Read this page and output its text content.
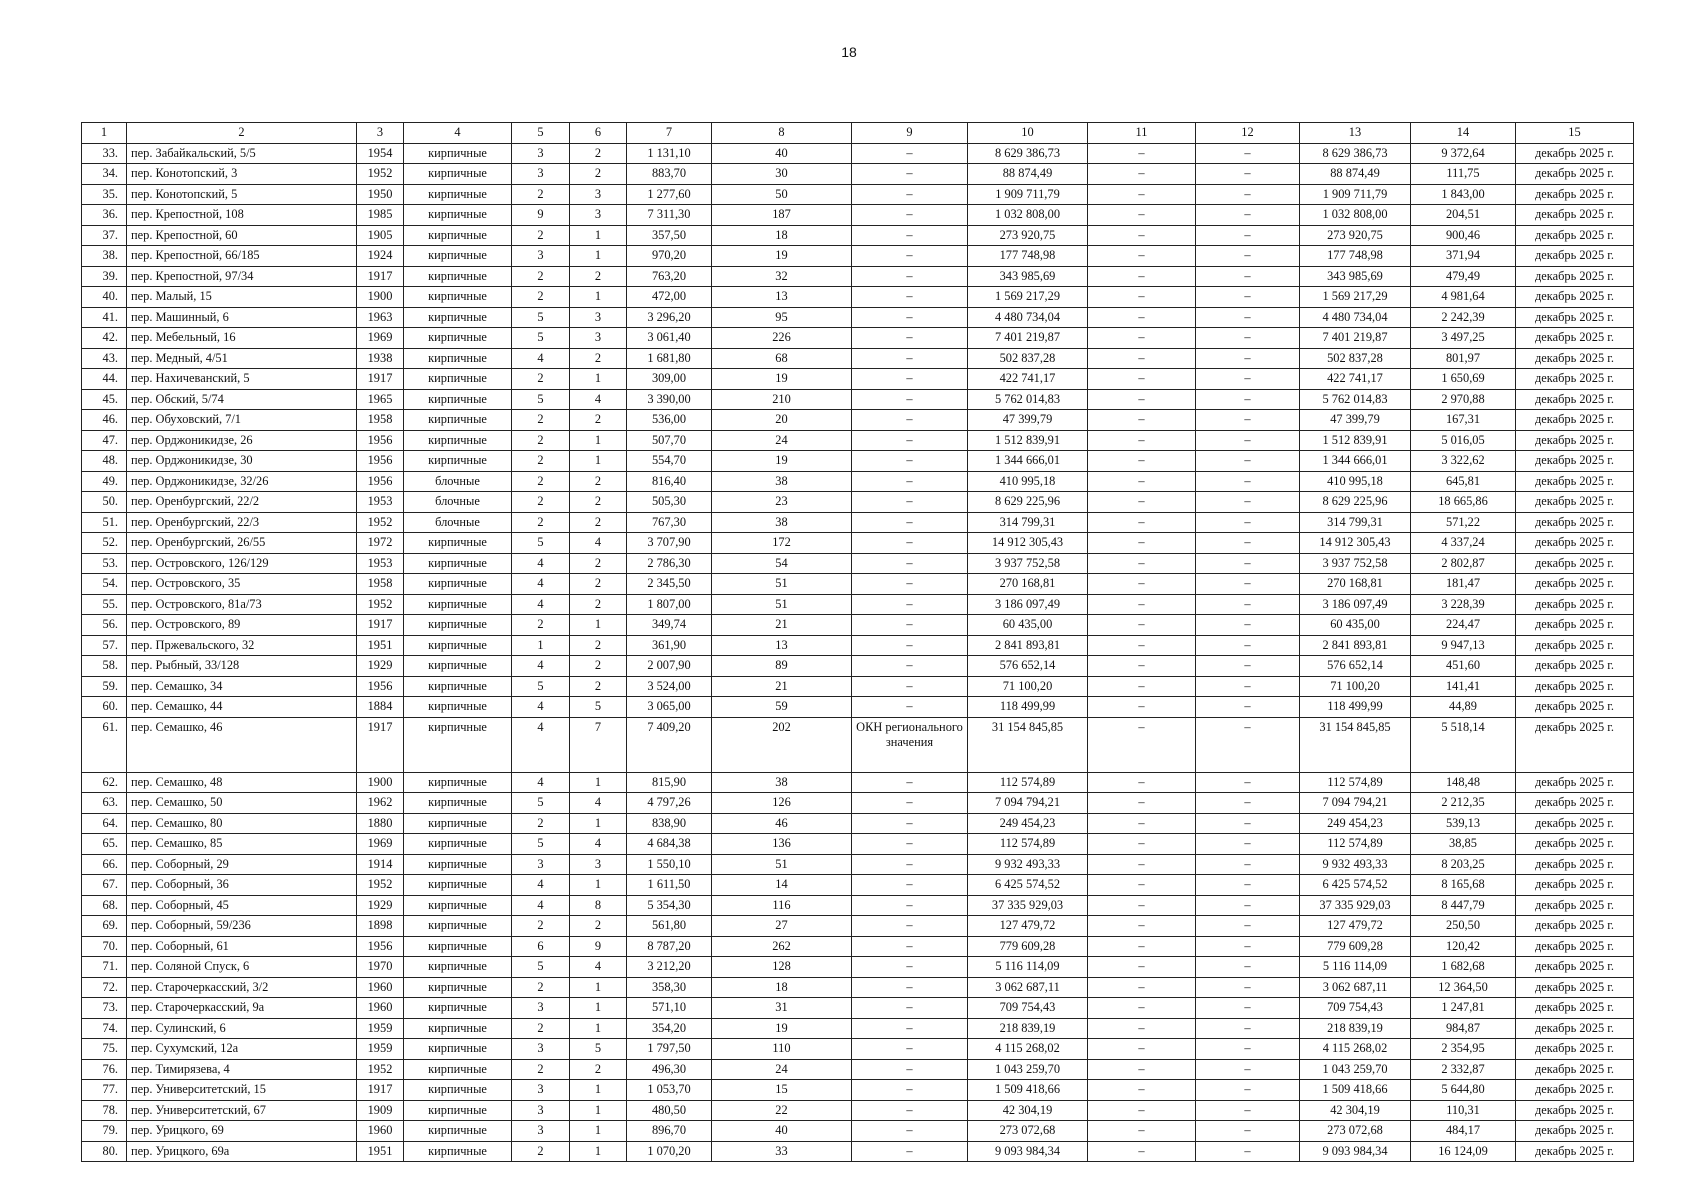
18
1	2	3	4	5	6	7	8	9	10	11	12	13	14	15
33.	пер. Забайкальский, 5/5	1954	кирпичные	3	2	1 131,10	40	–	8 629 386,73	–	–	8 629 386,73	9 372,64	декабрь 2025 г.
34.	пер. Конотопский, 3	1952	кирпичные	3	2	883,70	30	–	88 874,49	–	–	88 874,49	111,75	декабрь 2025 г.
35.	пер. Конотопский, 5	1950	кирпичные	2	3	1 277,60	50	–	1 909 711,79	–	–	1 909 711,79	1 843,00	декабрь 2025 г.
36.	пер. Крепостной, 108	1985	кирпичные	9	3	7 311,30	187	–	1 032 808,00	–	–	1 032 808,00	204,51	декабрь 2025 г.
37.	пер. Крепостной, 60	1905	кирпичные	2	1	357,50	18	–	273 920,75	–	–	273 920,75	900,46	декабрь 2025 г.
38.	пер. Крепостной, 66/185	1924	кирпичные	3	1	970,20	19	–	177 748,98	–	–	177 748,98	371,94	декабрь 2025 г.
39.	пер. Крепостной, 97/34	1917	кирпичные	2	2	763,20	32	–	343 985,69	–	–	343 985,69	479,49	декабрь 2025 г.
40.	пер. Малый, 15	1900	кирпичные	2	1	472,00	13	–	1 569 217,29	–	–	1 569 217,29	4 981,64	декабрь 2025 г.
41.	пер. Машинный, 6	1963	кирпичные	5	3	3 296,20	95	–	4 480 734,04	–	–	4 480 734,04	2 242,39	декабрь 2025 г.
42.	пер. Мебельный, 16	1969	кирпичные	5	3	3 061,40	226	–	7 401 219,87	–	–	7 401 219,87	3 497,25	декабрь 2025 г.
43.	пер. Медный, 4/51	1938	кирпичные	4	2	1 681,80	68	–	502 837,28	–	–	502 837,28	801,97	декабрь 2025 г.
44.	пер. Нахичеванский, 5	1917	кирпичные	2	1	309,00	19	–	422 741,17	–	–	422 741,17	1 650,69	декабрь 2025 г.
45.	пер. Обский, 5/74	1965	кирпичные	5	4	3 390,00	210	–	5 762 014,83	–	–	5 762 014,83	2 970,88	декабрь 2025 г.
46.	пер. Обуховский, 7/1	1958	кирпичные	2	2	536,00	20	–	47 399,79	–	–	47 399,79	167,31	декабрь 2025 г.
47.	пер. Орджоникидзе, 26	1956	кирпичные	2	1	507,70	24	–	1 512 839,91	–	–	1 512 839,91	5 016,05	декабрь 2025 г.
48.	пер. Орджоникидзе, 30	1956	кирпичные	2	1	554,70	19	–	1 344 666,01	–	–	1 344 666,01	3 322,62	декабрь 2025 г.
49.	пер. Орджоникидзе, 32/26	1956	блочные	2	2	816,40	38	–	410 995,18	–	–	410 995,18	645,81	декабрь 2025 г.
50.	пер. Оренбургский, 22/2	1953	блочные	2	2	505,30	23	–	8 629 225,96	–	–	8 629 225,96	18 665,86	декабрь 2025 г.
51.	пер. Оренбургский, 22/3	1952	блочные	2	2	767,30	38	–	314 799,31	–	–	314 799,31	571,22	декабрь 2025 г.
52.	пер. Оренбургский, 26/55	1972	кирпичные	5	4	3 707,90	172	–	14 912 305,43	–	–	14 912 305,43	4 337,24	декабрь 2025 г.
53.	пер. Островского, 126/129	1953	кирпичные	4	2	2 786,30	54	–	3 937 752,58	–	–	3 937 752,58	2 802,87	декабрь 2025 г.
54.	пер. Островского, 35	1958	кирпичные	4	2	2 345,50	51	–	270 168,81	–	–	270 168,81	181,47	декабрь 2025 г.
55.	пер. Островского, 81а/73	1952	кирпичные	4	2	1 807,00	51	–	3 186 097,49	–	–	3 186 097,49	3 228,39	декабрь 2025 г.
56.	пер. Островского, 89	1917	кирпичные	2	1	349,74	21	–	60 435,00	–	–	60 435,00	224,47	декабрь 2025 г.
57.	пер. Пржевальского, 32	1951	кирпичные	1	2	361,90	13	–	2 841 893,81	–	–	2 841 893,81	9 947,13	декабрь 2025 г.
58.	пер. Рыбный, 33/128	1929	кирпичные	4	2	2 007,90	89	–	576 652,14	–	–	576 652,14	451,60	декабрь 2025 г.
59.	пер. Семашко, 34	1956	кирпичные	5	2	3 524,00	21	–	71 100,20	–	–	71 100,20	141,41	декабрь 2025 г.
60.	пер. Семашко, 44	1884	кирпичные	4	5	3 065,00	59	–	118 499,99	–	–	118 499,99	44,89	декабрь 2025 г.
61.	пер. Семашко, 46	1917	кирпичные	4	7	7 409,20	202	ОКН регионального значения	31 154 845,85	–	–	31 154 845,85	5 518,14	декабрь 2025 г.
62.	пер. Семашко, 48	1900	кирпичные	4	1	815,90	38	–	112 574,89	–	–	112 574,89	148,48	декабрь 2025 г.
63.	пер. Семашко, 50	1962	кирпичные	5	4	4 797,26	126	–	7 094 794,21	–	–	7 094 794,21	2 212,35	декабрь 2025 г.
64.	пер. Семашко, 80	1880	кирпичные	2	1	838,90	46	–	249 454,23	–	–	249 454,23	539,13	декабрь 2025 г.
65.	пер. Семашко, 85	1969	кирпичные	5	4	4 684,38	136	–	112 574,89	–	–	112 574,89	38,85	декабрь 2025 г.
66.	пер. Соборный, 29	1914	кирпичные	3	3	1 550,10	51	–	9 932 493,33	–	–	9 932 493,33	8 203,25	декабрь 2025 г.
67.	пер. Соборный, 36	1952	кирпичные	4	1	1 611,50	14	–	6 425 574,52	–	–	6 425 574,52	8 165,68	декабрь 2025 г.
68.	пер. Соборный, 45	1929	кирпичные	4	8	5 354,30	116	–	37 335 929,03	–	–	37 335 929,03	8 447,79	декабрь 2025 г.
69.	пер. Соборный, 59/236	1898	кирпичные	2	2	561,80	27	–	127 479,72	–	–	127 479,72	250,50	декабрь 2025 г.
70.	пер. Соборный, 61	1956	кирпичные	6	9	8 787,20	262	–	779 609,28	–	–	779 609,28	120,42	декабрь 2025 г.
71.	пер. Соляной Спуск, 6	1970	кирпичные	5	4	3 212,20	128	–	5 116 114,09	–	–	5 116 114,09	1 682,68	декабрь 2025 г.
72.	пер. Старочеркасский, 3/2	1960	кирпичные	2	1	358,30	18	–	3 062 687,11	–	–	3 062 687,11	12 364,50	декабрь 2025 г.
73.	пер. Старочеркасский, 9а	1960	кирпичные	3	1	571,10	31	–	709 754,43	–	–	709 754,43	1 247,81	декабрь 2025 г.
74.	пер. Сулинский, 6	1959	кирпичные	2	1	354,20	19	–	218 839,19	–	–	218 839,19	984,87	декабрь 2025 г.
75.	пер. Сухумский, 12а	1959	кирпичные	3	5	1 797,50	110	–	4 115 268,02	–	–	4 115 268,02	2 354,95	декабрь 2025 г.
76.	пер. Тимирязева, 4	1952	кирпичные	2	2	496,30	24	–	1 043 259,70	–	–	1 043 259,70	2 332,87	декабрь 2025 г.
77.	пер. Университетский, 15	1917	кирпичные	3	1	1 053,70	15	–	1 509 418,66	–	–	1 509 418,66	5 644,80	декабрь 2025 г.
78.	пер. Университетский, 67	1909	кирпичные	3	1	480,50	22	–	42 304,19	–	–	42 304,19	110,31	декабрь 2025 г.
79.	пер. Урицкого, 69	1960	кирпичные	3	1	896,70	40	–	273 072,68	–	–	273 072,68	484,17	декабрь 2025 г.
80.	пер. Урицкого, 69а	1951	кирпичные	2	1	1 070,20	33	–	9 093 984,34	–	–	9 093 984,34	16 124,09	декабрь 2025 г.
